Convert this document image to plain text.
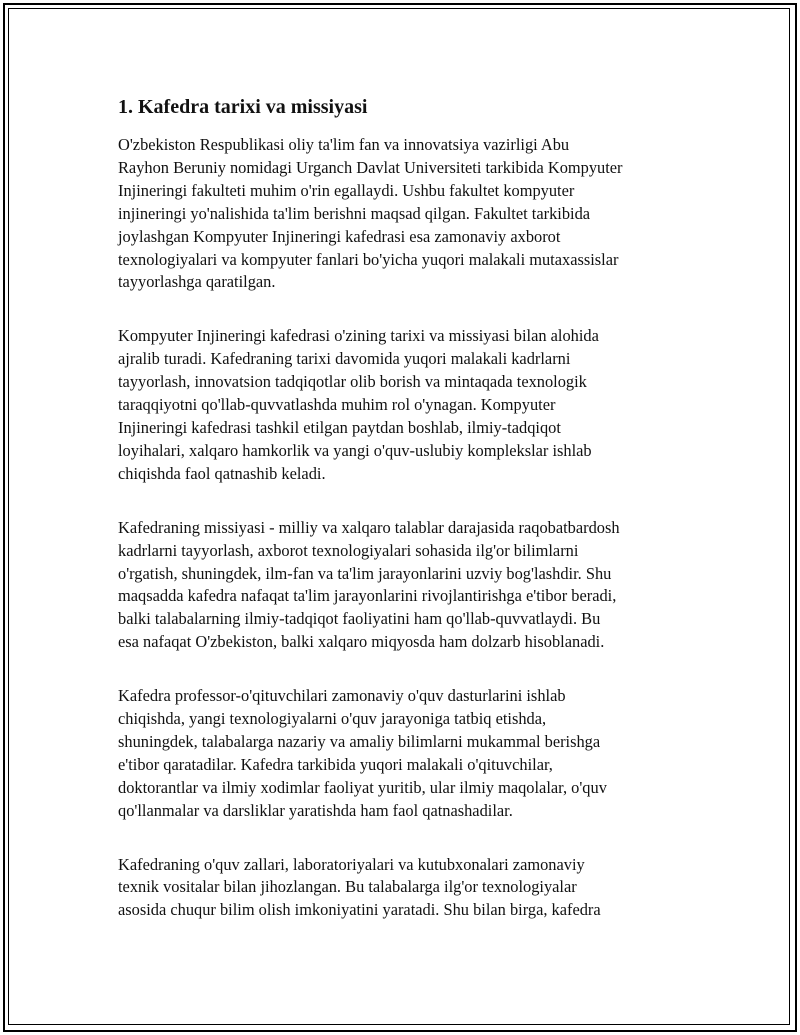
1. Kafedra tarixi va missiyasi

O'zbekiston Respublikasi oliy ta'lim fan va innovatsiya vazirligi Abu
Rayhon Beruniy nomidagi Urganch Davlat Universiteti tarkibida Kompyuter
Injineringi fakulteti muhim o'rin egallaydi. Ushbu fakultet kompyuter
injineringi yo'nalishida ta'lim berishni maqsad qilgan. Fakultet tarkibida
joylashgan Kompyuter Injineringi kafedrasi esa zamonaviy axborot
texnologiyalari va kompyuter fanlari bo'yicha yuqori malakali mutaxassislar
tayyorlashga qaratilgan.

Kompyuter Injineringi kafedrasi o'zining tarixi va missiyasi bilan alohida
ajralib turadi. Kafedraning tarixi davomida yuqori malakali kadrlarni
tayyorlash, innovatsion tadqiqotlar olib borish va mintaqada texnologik
taraqqiyotni qo'llab-quvvatlashda muhim rol o'ynagan. Kompyuter
Injineringi kafedrasi tashkil etilgan paytdan boshlab, ilmiy-tadqiqot
loyihalari, xalqaro hamkorlik va yangi o'quv-uslubiy komplekslar ishlab
chiqishda faol qatnashib keladi.

Kafedraning missiyasi - milliy va xalqaro talablar darajasida raqobatbardosh
kadrlarni tayyorlash, axborot texnologiyalari sohasida ilg'or bilimlarni
o'rgatish, shuningdek, ilm-fan va ta'lim jarayonlarini uzviy bog'lashdir. Shu
maqsadda kafedra nafaqat ta'lim jarayonlarini rivojlantirishga e'tibor beradi,
balki talabalarning ilmiy-tadqiqot faoliyatini ham qo'llab-quvvatlaydi. Bu
esa nafaqat O'zbekiston, balki xalqaro miqyosda ham dolzarb hisoblanadi.

Kafedra professor-o'qituvchilari zamonaviy o'quv dasturlarini ishlab
chiqishda, yangi texnologiyalarni o'quv jarayoniga tatbiq etishda,
shuningdek, talabalarga nazariy va amaliy bilimlarni mukammal berishga
e'tibor qaratadilar. Kafedra tarkibida yuqori malakali o'qituvchilar,
doktorantlar va ilmiy xodimlar faoliyat yuritib, ular ilmiy maqolalar, o'quv
qo'llanmalar va darsliklar yaratishda ham faol qatnashadilar.

Kafedraning o'quv zallari, laboratoriyalari va kutubxonalari zamonaviy
texnik vositalar bilan jihozlangan. Bu talabalarga ilg'or texnologiyalar
asosida chuqur bilim olish imkoniyatini yaratadi. Shu bilan birga, kafedra
